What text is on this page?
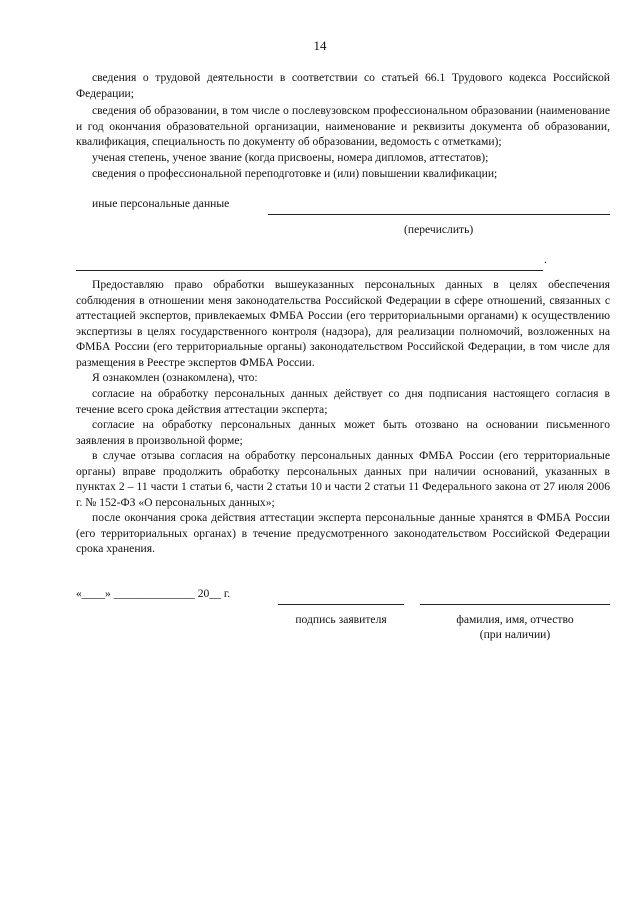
14

сведения о трудовой деятельности в соответствии со статьей 66.1 Трудового кодекса Российской Федерации;

сведения об образовании, в том числе о послевузовском профессиональном образовании (наименование и год окончания образовательной организации, наименование и реквизиты документа об образовании, квалификация, специальность по документу об образовании, ведомость с отметками);

ученая степень, ученое звание (когда присвоены, номера дипломов, аттестатов);

сведения о профессиональной переподготовке и (или) повышении квалификации;

иные персональные данные
(перечислить)
.

Предоставляю право обработки вышеуказанных персональных данных в целях обеспечения соблюдения в отношении меня законодательства Российской Федерации в сфере отношений, связанных с аттестацией экспертов, привлекаемых ФМБА России (его территориальными органами) к осуществлению экспертизы в целях государственного контроля (надзора), для реализации полномочий, возложенных на ФМБА России (его территориальные органы) законодательством Российской Федерации, в том числе для размещения в Реестре экспертов ФМБА России.

Я ознакомлен (ознакомлена), что:

согласие на обработку персональных данных действует со дня подписания настоящего согласия в течение всего срока действия аттестации эксперта;

согласие на обработку персональных данных может быть отозвано на основании письменного заявления в произвольной форме;

в случае отзыва согласия на обработку персональных данных ФМБА России (его территориальные органы) вправе продолжить обработку персональных данных при наличии оснований, указанных в пунктах 2 – 11 части 1 статьи 6, части 2 статьи 10 и части 2 статьи 11 Федерального закона от 27 июля 2006 г. № 152-ФЗ «О персональных данных»;

после окончания срока действия аттестации эксперта персональные данные хранятся в ФМБА России (его территориальных органах) в течение предусмотренного законодательством Российской Федерации срока хранения.

«____» ______________ 20__ г.
подпись заявителя	фамилия, имя, отчество
(при наличии)
